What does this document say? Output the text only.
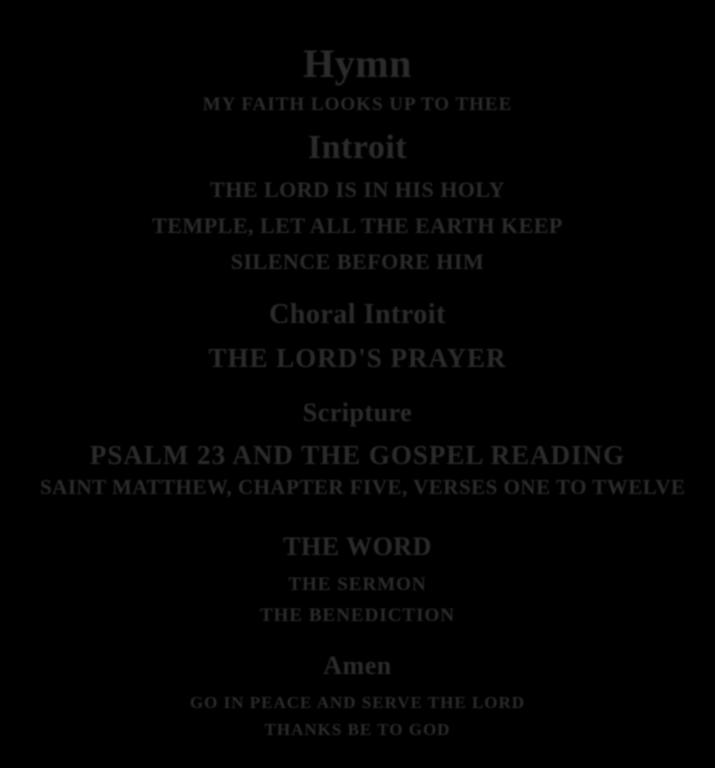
Hymn
MY FAITH LOOKS UP TO THEE
Introit
THE LORD IS IN HIS HOLY
TEMPLE, LET ALL THE EARTH KEEP
SILENCE BEFORE HIM
Choral Introit
THE LORD'S PRAYER
Scripture
PSALM 23 AND THE GOSPEL READING
SAINT MATTHEW, CHAPTER FIVE, VERSES ONE TO TWELVE
THE WORD
THE SERMON
THE BENEDICTION
Amen
GO IN PEACE AND SERVE THE LORD
THANKS BE TO GOD
